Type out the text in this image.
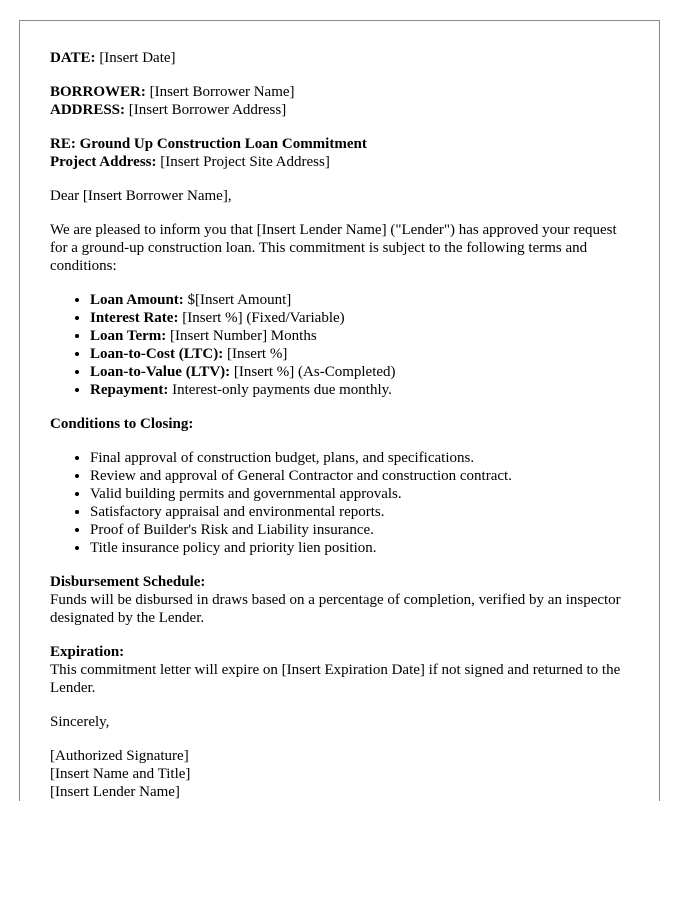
DATE: [Insert Date]

BORROWER: [Insert Borrower Name]

ADDRESS: [Insert Borrower Address]

RE: Ground Up Construction Loan Commitment

Project Address: [Insert Project Site Address]

Dear [Insert Borrower Name],

We are pleased to inform you that [Insert Lender Name] ("Lender") has approved your request for a ground-up construction loan. This commitment is subject to the following terms and conditions:

• Loan Amount: $[Insert Amount]
• Interest Rate: [Insert %] (Fixed/Variable)
• Loan Term: [Insert Number] Months
• Loan-to-Cost (LTC): [Insert %]
• Loan-to-Value (LTV): [Insert %] (As-Completed)
• Repayment: Interest-only payments due monthly.

Conditions to Closing:

• Final approval of construction budget, plans, and specifications.
• Review and approval of General Contractor and construction contract.
• Valid building permits and governmental approvals.
• Satisfactory appraisal and environmental reports.
• Proof of Builder's Risk and Liability insurance.
• Title insurance policy and priority lien position.

Disbursement Schedule:

Funds will be disbursed in draws based on a percentage of completion, verified by an inspector designated by the Lender.

Expiration:

This commitment letter will expire on [Insert Expiration Date] if not signed and returned to the Lender.

Sincerely,

[Authorized Signature]

[Insert Name and Title]

[Insert Lender Name]
